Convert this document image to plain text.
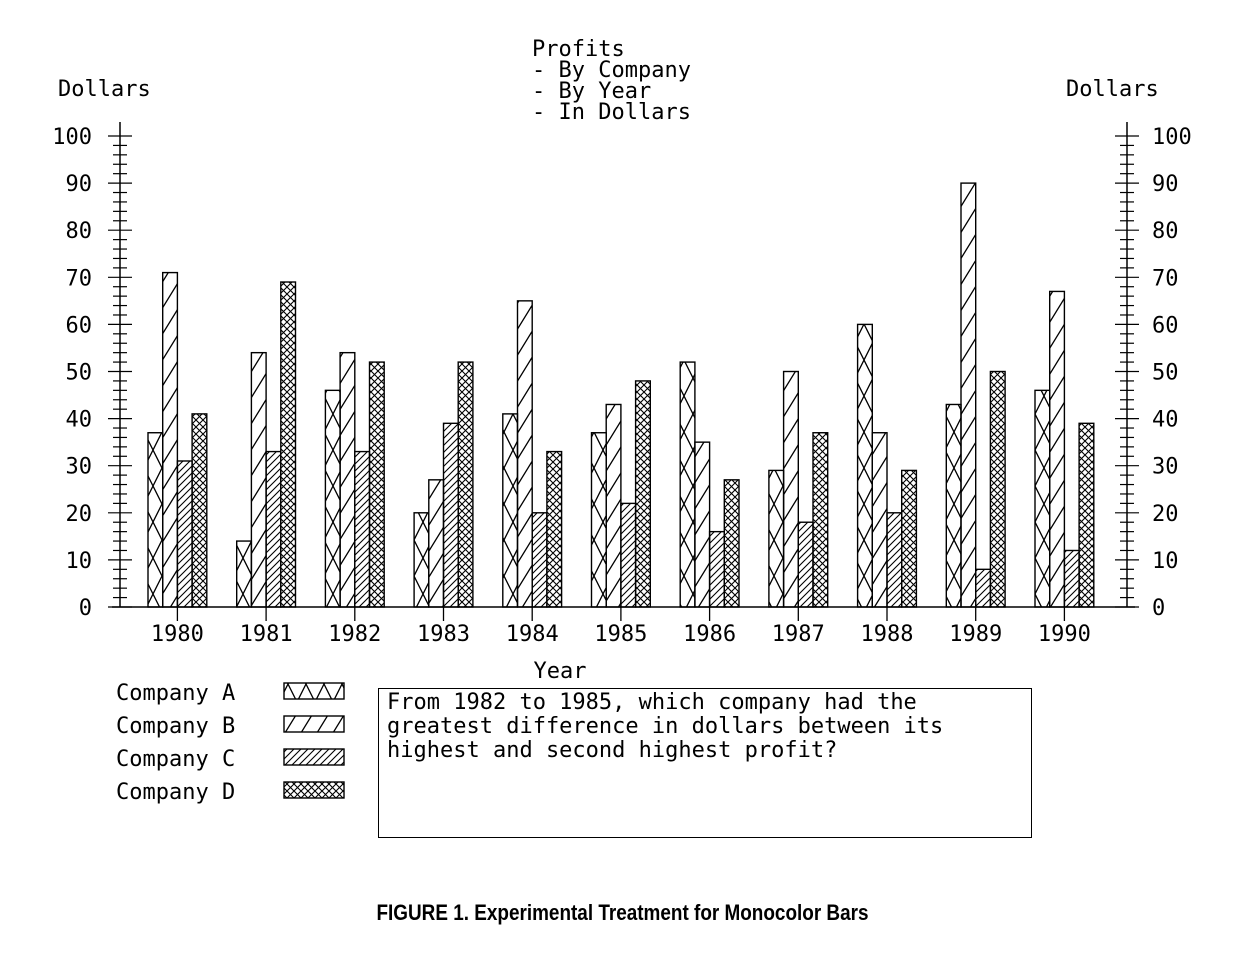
Profits
- By Company
- By Year
- In Dollars
Dollars	Dollars
0
10
20
30
40
50
60
70
80
90
100
0
10
20
30
40
50
60
70
80
90
100
1980 1981 1982 1983 1984 1985 1986 1987 1988 1989 1990
Year
Company A
Company B
Company C
Company D
From 1982 to 1985, which company had the
greatest difference in dollars between its
highest and second highest profit?
FIGURE 1. Experimental Treatment for Monocolor Bars
